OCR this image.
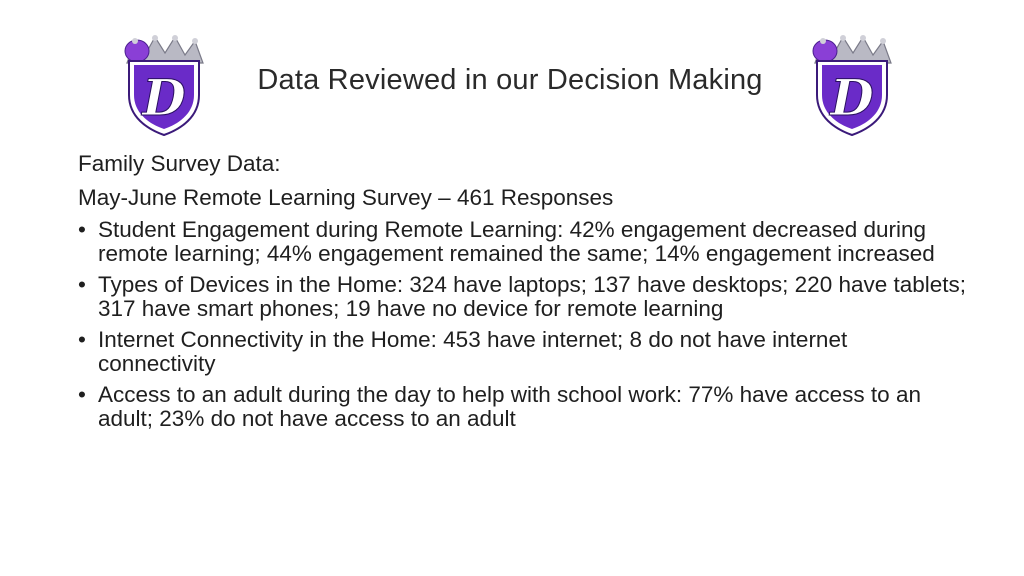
D	Data Reviewed in our Decision Making	D

Family Survey Data:

May-June Remote Learning Survey – 461 Responses

• Student Engagement during Remote Learning: 42% engagement decreased during remote learning; 44% engagement remained the same; 14% engagement increased
• Types of Devices in the Home: 324 have laptops; 137 have desktops; 220 have tablets; 317 have smart phones; 19 have no device for remote learning
• Internet Connectivity in the Home: 453 have internet; 8 do not have internet connectivity
• Access to an adult during the day to help with school work: 77% have access to an adult; 23% do not have access to an adult
